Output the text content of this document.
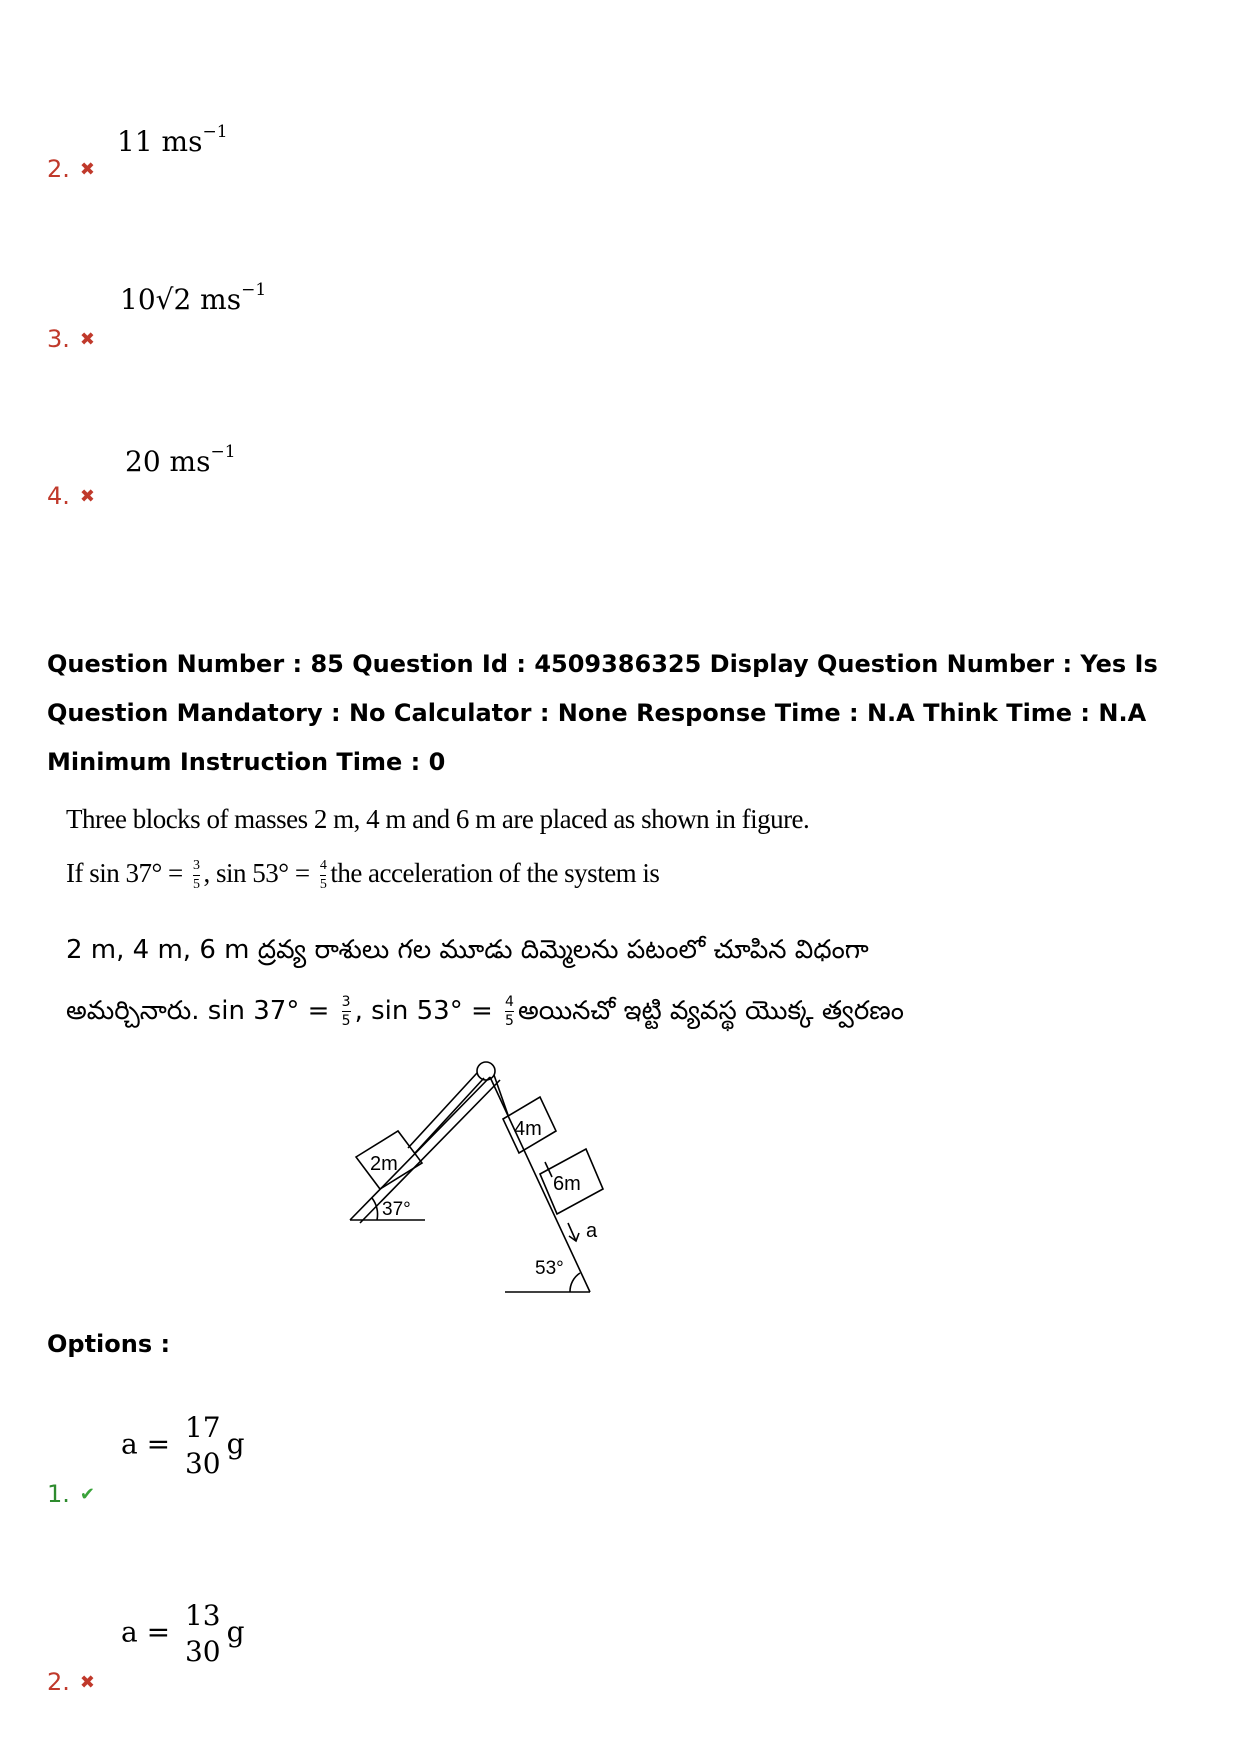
11 $ms^{-1}$
2. ✖
10√2 $ms^{-1}$
3. ✖
20 $ms^{-1}$
4. ✖
Question Number : 85 Question Id : 4509386325 Display Question Number : Yes Is Question Mandatory : No Calculator : None Response Time : N.A Think Time : N.A Minimum Instruction Time : 0
Three blocks of masses 2 m, 4 m and 6 m are placed as shown in figure.
If $\sin 37^\circ = \frac{3}{5}$ , $\sin 53^\circ = \frac{4}{5}$ the acceleration of the system is
2 m, 4 m, 6 m ద్రవ్య రాశులు గల మూడు దిమ్మెలను పటంలో చూపిన విధంగా
అమర్చినారు. $\sin 37^\circ = \frac{3}{5}$ , $\sin 53^\circ = \frac{4}{5}$ అయినచో ఇట్టి వ్యవస్థ యొక్క త్వరణం
2m
37°
4m
6m
a
53°
Options :
a = 17
30
g
1. ✔
a = 13
30
g
2. ✖
